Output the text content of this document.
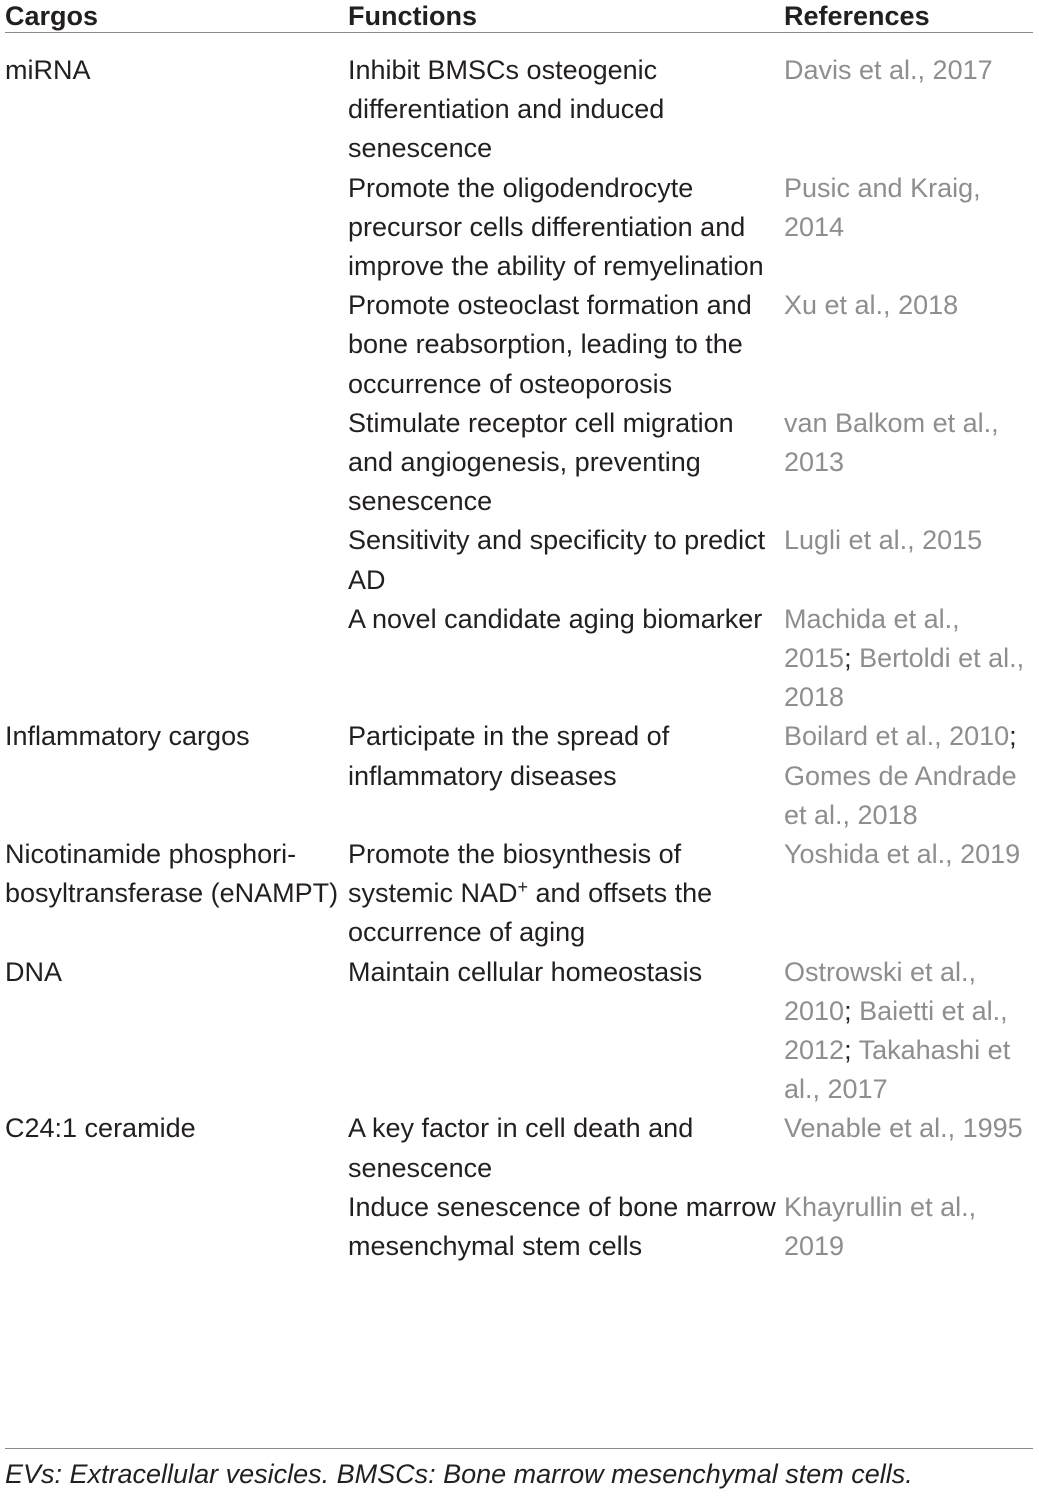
Cargos	Functions	References
miRNA	Inhibit BMSCs osteogenic differentiation and induced senescence	Davis et al., 2017
	Promote the oligodendrocyte precursor cells differentiation and improve the ability of remyelination	Pusic and Kraig, 2014
	Promote osteoclast formation and bone reabsorption, leading to the occurrence of osteoporosis	Xu et al., 2018
	Stimulate receptor cell migration and angiogenesis, preventing senescence	van Balkom et al., 2013
	Sensitivity and specificity to predict AD	Lugli et al., 2015
	A novel candidate aging biomarker	Machida et al., 2015; Bertoldi et al., 2018
Inflammatory cargos	Participate in the spread of inflammatory diseases	Boilard et al., 2010; Gomes de Andrade et al., 2018
Nicotinamide phosphori-bosyltransferase (eNAMPT)	Promote the biosynthesis of systemic NAD+ and offsets the occurrence of aging	Yoshida et al., 2019
DNA	Maintain cellular homeostasis	Ostrowski et al., 2010; Baietti et al., 2012; Takahashi et al., 2017
C24:1 ceramide	A key factor in cell death and senescence	Venable et al., 1995
	Induce senescence of bone marrow mesenchymal stem cells	Khayrullin et al., 2019
EVs: Extracellular vesicles. BMSCs: Bone marrow mesenchymal stem cells.
